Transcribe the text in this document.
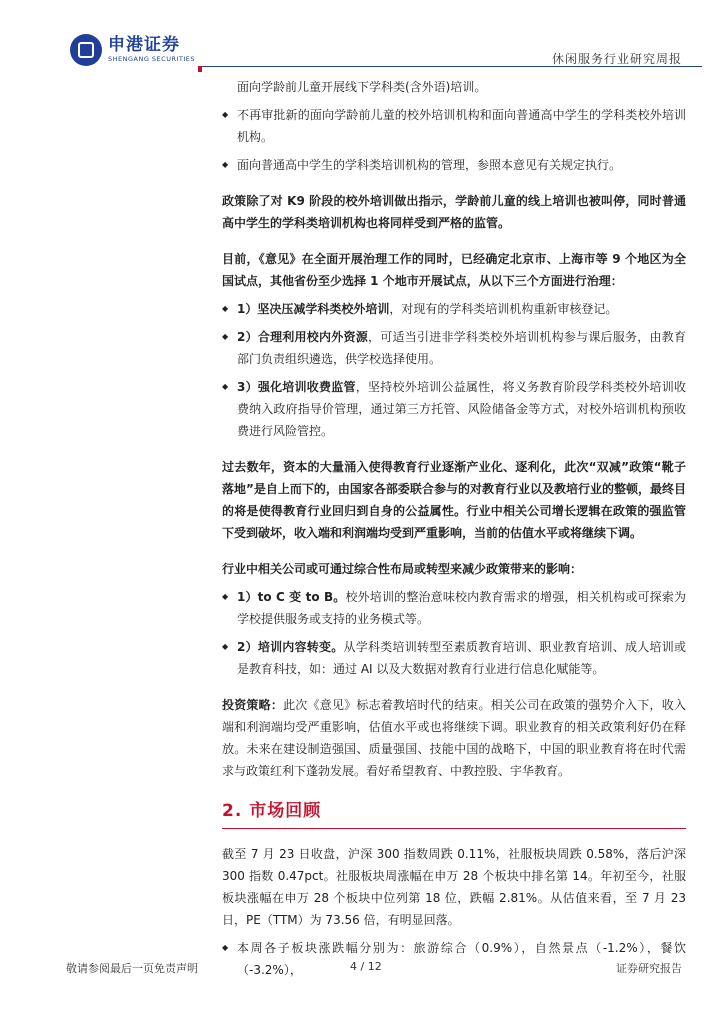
申港证券
SHENGANG SECURITIES	休闲服务行业研究周报

面向学龄前儿童开展线下学科类(含外语)培训。

◆ 不再审批新的面向学龄前儿童的校外培训机构和面向普通高中学生的学科类校外培训机构。

◆ 面向普通高中学生的学科类培训机构的管理，参照本意见有关规定执行。

政策除了对 K9 阶段的校外培训做出指示，学龄前儿童的线上培训也被叫停，同时普通高中学生的学科类培训机构也将同样受到严格的监管。

目前，《意见》在全面开展治理工作的同时，已经确定北京市、上海市等 9 个地区为全国试点，其他省份至少选择 1 个地市开展试点，从以下三个方面进行治理：

◆ 1）坚决压减学科类校外培训，对现有的学科类培训机构重新审核登记。

◆ 2）合理利用校内外资源，可适当引进非学科类校外培训机构参与课后服务，由教育部门负责组织遴选，供学校选择使用。

◆ 3）强化培训收费监管，坚持校外培训公益属性，将义务教育阶段学科类校外培训收费纳入政府指导价管理，通过第三方托管、风险储备金等方式，对校外培训机构预收费进行风险管控。

过去数年，资本的大量涌入使得教育行业逐渐产业化、逐利化，此次“双减”政策“靴子落地”是自上而下的，由国家各部委联合参与的对教育行业以及教培行业的整顿，最终目的将是使得教育行业回归到自身的公益属性。行业中相关公司增长逻辑在政策的强监管下受到破坏，收入端和利润端均受到严重影响，当前的估值水平或将继续下调。

行业中相关公司或可通过综合性布局或转型来减少政策带来的影响：

◆ 1）to C 变 to B。校外培训的整治意味校内教育需求的增强，相关机构或可探索为学校提供服务或支持的业务模式等。

◆ 2）培训内容转变。从学科类培训转型至素质教育培训、职业教育培训、成人培训或是教育科技，如：通过 AI 以及大数据对教育行业进行信息化赋能等。

投资策略：此次《意见》标志着教培时代的结束。相关公司在政策的强势介入下，收入端和利润端均受严重影响，估值水平或也将继续下调。职业教育的相关政策利好仍在释放。未来在建设制造强国、质量强国、技能中国的战略下，中国的职业教育将在时代需求与政策红利下蓬勃发展。看好希望教育、中教控股、宇华教育。

2. 市场回顾

截至 7 月 23 日收盘，沪深 300 指数周跌 0.11%，社服板块周跌 0.58%，落后沪深 300 指数 0.47pct。社服板块周涨幅在申万 28 个板块中排名第 14。年初至今，社服板块涨幅在申万 28 个板块中位列第 18 位，跌幅 2.81%。从估值来看，至 7 月 23 日，PE（TTM）为 73.56 倍，有明显回落。

◆ 本周各子板块涨跌幅分别为：旅游综合（0.9%），自然景点（-1.2%），餐饮（-3.2%），

敬请参阅最后一页免责声明	4 / 12	证券研究报告
